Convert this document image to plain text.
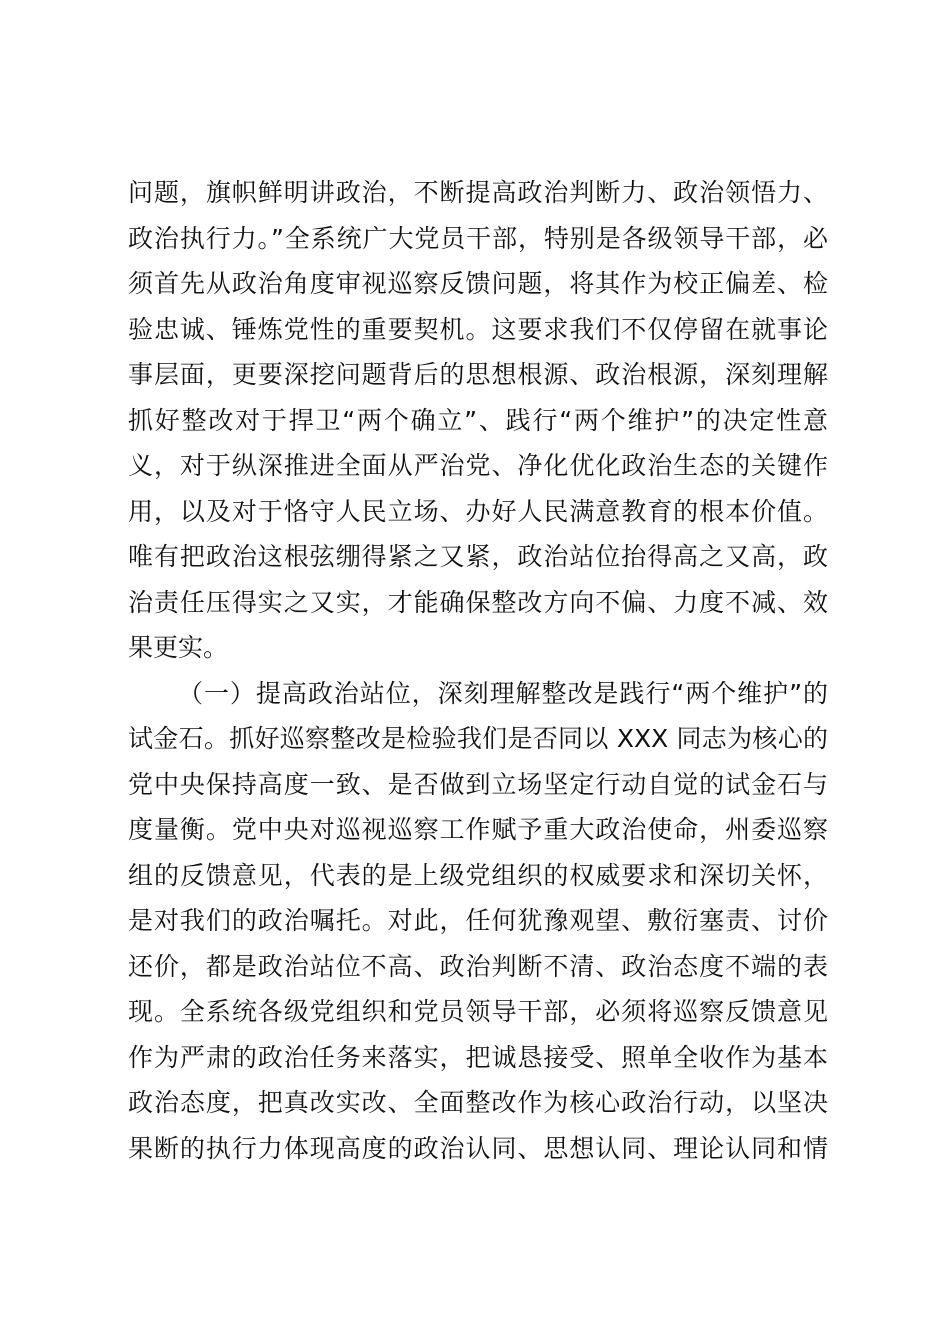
问题，旗帜鲜明讲政治，不断提高政治判断力、政治领悟力、
政治执行力。”全系统广大党员干部，特别是各级领导干部，必
须首先从政治角度审视巡察反馈问题，将其作为校正偏差、检
验忠诚、锤炼党性的重要契机。这要求我们不仅停留在就事论
事层面，更要深挖问题背后的思想根源、政治根源，深刻理解
抓好整改对于捍卫“两个确立”、践行“两个维护”的决定性意
义，对于纵深推进全面从严治党、净化优化政治生态的关键作
用，以及对于恪守人民立场、办好人民满意教育的根本价值。
唯有把政治这根弦绷得紧之又紧，政治站位抬得高之又高，政
治责任压得实之又实，才能确保整改方向不偏、力度不减、效
果更实。
（一）提高政治站位，深刻理解整改是践行“两个维护”的
试金石。抓好巡察整改是检验我们是否同以 XXX 同志为核心的
党中央保持高度一致、是否做到立场坚定行动自觉的试金石与
度量衡。党中央对巡视巡察工作赋予重大政治使命，州委巡察
组的反馈意见，代表的是上级党组织的权威要求和深切关怀，
是对我们的政治嘱托。对此，任何犹豫观望、敷衍塞责、讨价
还价，都是政治站位不高、政治判断不清、政治态度不端的表
现。全系统各级党组织和党员领导干部，必须将巡察反馈意见
作为严肃的政治任务来落实，把诚恳接受、照单全收作为基本
政治态度，把真改实改、全面整改作为核心政治行动，以坚决
果断的执行力体现高度的政治认同、思想认同、理论认同和情
